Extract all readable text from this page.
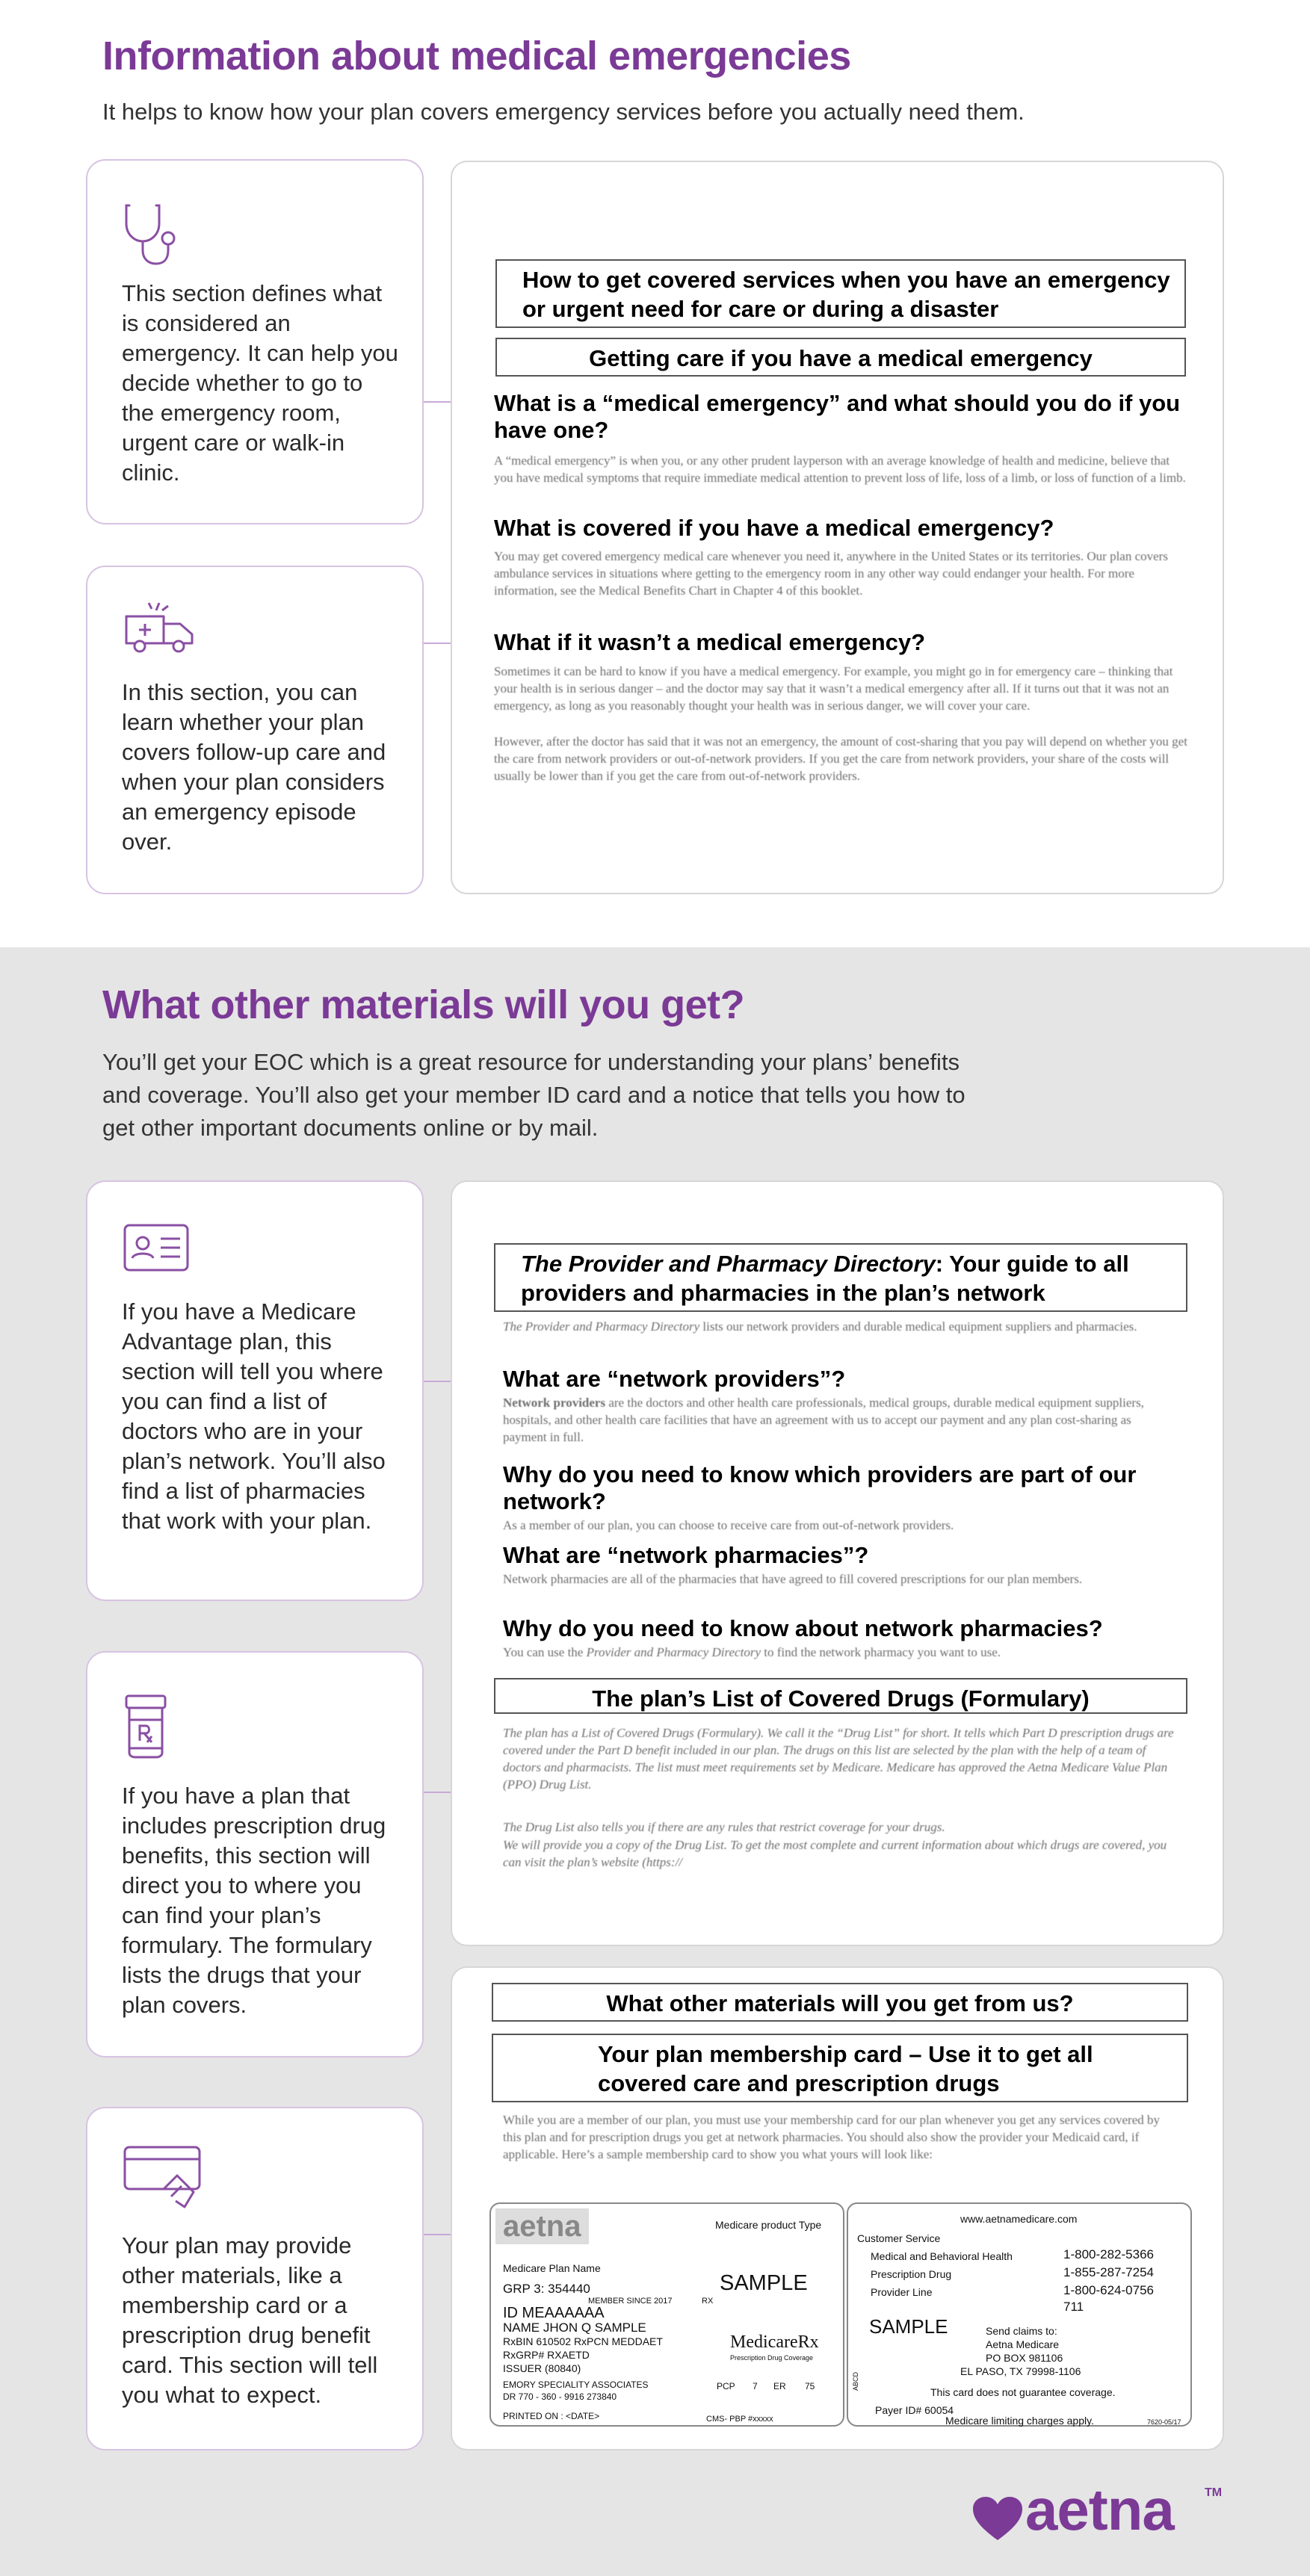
Information about medical emergencies
It helps to know how your plan covers emergency services before you actually need them.
This section defines what is considered an emergency. It can help you decide whether to go to the emergency room, urgent care or walk-in clinic.
In this section, you can learn whether your plan covers follow-up care and when your plan considers an emergency episode over.
How to get covered services when you have an emergency or urgent need for care or during a disaster
Getting care if you have a medical emergency
What is a “medical emergency” and what should you do if you have one?
A “medical emergency” is when you, or any other prudent layperson with an average knowledge of health and medicine, believe that you have medical symptoms that require immediate medical attention to prevent loss of life, loss of a limb, or loss of function of a limb.
What is covered if you have a medical emergency?
You may get covered emergency medical care whenever you need it, anywhere in the United States or its territories. Our plan covers ambulance services in situations where getting to the emergency room in any other way could endanger your health. For more information, see the Medical Benefits Chart in Chapter 4 of this booklet.
What if it wasn’t a medical emergency?
Sometimes it can be hard to know if you have a medical emergency. For example, you might go in for emergency care – thinking that your health is in serious danger – and the doctor may say that it wasn’t a medical emergency after all. If it turns out that it was not an emergency, as long as you reasonably thought your health was in serious danger, we will cover your care.
However, after the doctor has said that it was not an emergency, the amount of cost-sharing that you pay will depend on whether you get the care from network providers or out-of-network providers. If you get the care from network providers, your share of the costs will usually be lower than if you get the care from out-of-network providers.
What other materials will you get?
You’ll get your EOC which is a great resource for understanding your plans’ benefits and coverage. You’ll also get your member ID card and a notice that tells you how to get other important documents online or by mail.
If you have a Medicare Advantage plan, this section will tell you where you can find a list of doctors who are in your plan’s network. You’ll also find a list of pharmacies that work with your plan.
If you have a plan that includes prescription drug benefits, this section will direct you to where you can find your plan’s formulary. The formulary lists the drugs that your plan covers.
Your plan may provide other materials, like a membership card or a prescription drug benefit card. This section will tell you what to expect.
The Provider and Pharmacy Directory: Your guide to all providers and pharmacies in the plan’s network
The Provider and Pharmacy Directory lists our network providers and durable medical equipment suppliers and pharmacies.
What are “network providers”?
Network providers are the doctors and other health care professionals, medical groups, durable medical equipment suppliers, hospitals, and other health care facilities that have an agreement with us to accept our payment and any plan cost-sharing as payment in full.
Why do you need to know which providers are part of our network?
As a member of our plan, you can choose to receive care from out-of-network providers.
What are “network pharmacies”?
Network pharmacies are all of the pharmacies that have agreed to fill covered prescriptions for our plan members.
Why do you need to know about network pharmacies?
You can use the Provider and Pharmacy Directory to find the network pharmacy you want to use.
The plan’s List of Covered Drugs (Formulary)
The plan has a List of Covered Drugs (Formulary). We call it the “Drug List” for short. It tells which Part D prescription drugs are covered under the Part D benefit included in our plan. The drugs on this list are selected by the plan with the help of a team of doctors and pharmacists. The list must meet requirements set by Medicare. Medicare has approved the Aetna Medicare Value Plan (PPO) Drug List.
The Drug List also tells you if there are any rules that restrict coverage for your drugs.
We will provide you a copy of the Drug List. To get the most complete and current information about which drugs are covered, you can visit the plan’s website (https://
What other materials will you get from us?
Your plan membership card – Use it to get all covered care and prescription drugs
While you are a member of our plan, you must use your membership card for our plan whenever you get any services covered by this plan and for prescription drugs you get at network pharmacies. You should also show the provider your Medicaid card, if applicable. Here’s a sample membership card to show you what yours will look like:
aetna	Medicare product Type
Medicare Plan Name
GRP 3: 354440
MEMBER SINCE 2017	RX
SAMPLE
ID MEAAAAAA
NAME JHON Q SAMPLE
RxBIN 610502 RxPCN MEDDAET
RxGRP# RXAETD
ISSUER (80840)
MedicareRx
Prescription Drug Coverage
EMORY SPECIALITY ASSOCIATES
DR 770 - 360 - 9916 273840
PCP 7 ER 75
PRINTED ON : <DATE>	CMS- PBP #xxxxx
www.aetnamedicare.com
Customer Service
Medical and Behavioral Health	1-800-282-5366
Prescription Drug	1-855-287-7254
Provider Line	1-800-624-0756
711
SAMPLE	Send claims to:
Aetna Medicare
PO BOX 981106
EL PASO, TX 79998-1106
This card does not guarantee coverage.
Payer ID# 60054
Medicare limiting charges apply.	7620-05/17
ABCD
aetna	TM
